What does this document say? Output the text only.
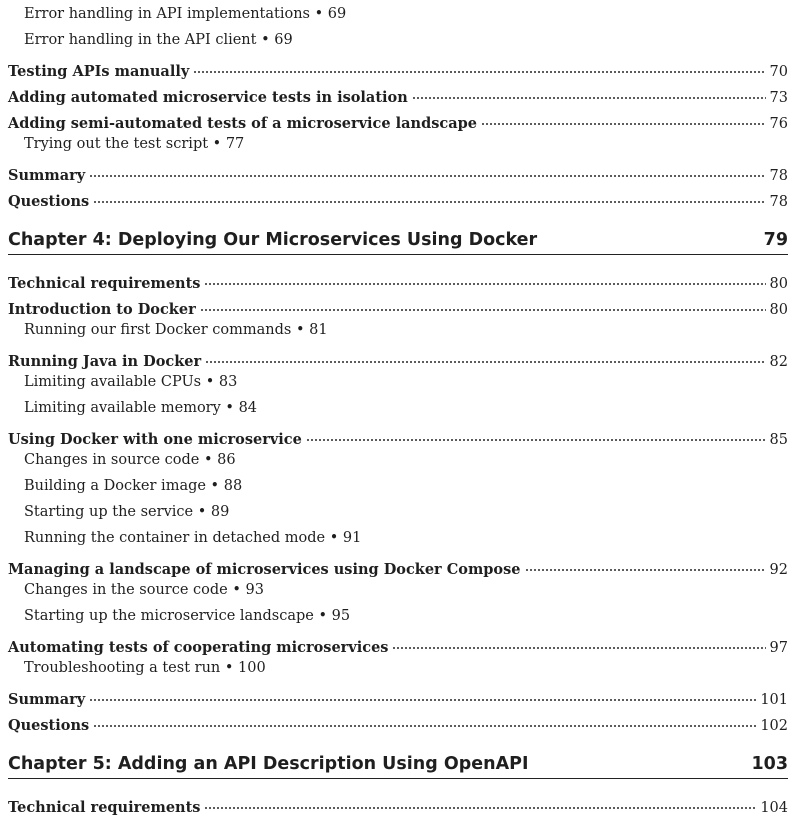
Error handling in API implementations • 69
Error handling in the API client • 69
Testing APIs manually	70
Adding automated microservice tests in isolation	73
Adding semi-automated tests of a microservice landscape	76
Trying out the test script • 77
Summary	78
Questions	78
Chapter 4: Deploying Our Microservices Using Docker	79
Technical requirements	80
Introduction to Docker	80
Running our first Docker commands • 81
Running Java in Docker	82
Limiting available CPUs • 83
Limiting available memory • 84
Using Docker with one microservice	85
Changes in source code • 86
Building a Docker image • 88
Starting up the service • 89
Running the container in detached mode • 91
Managing a landscape of microservices using Docker Compose	92
Changes in the source code • 93
Starting up the microservice landscape • 95
Automating tests of cooperating microservices	97
Troubleshooting a test run • 100
Summary	101
Questions	102
Chapter 5: Adding an API Description Using OpenAPI	103
Technical requirements	104
